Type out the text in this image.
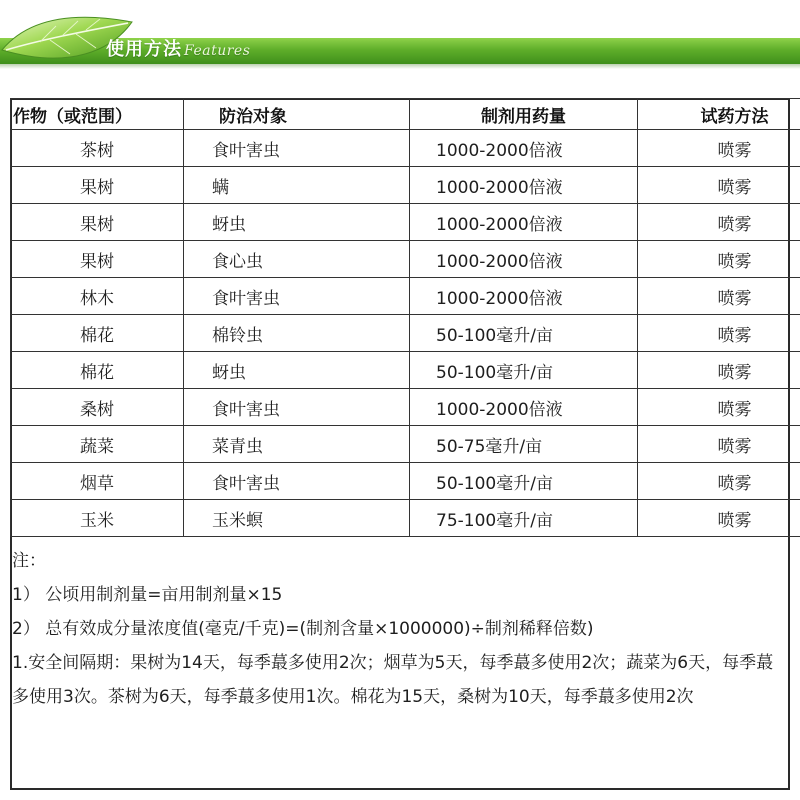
使用方法 Features
作物（或范围）	防治对象	制剂用药量	试药方法
茶树	食叶害虫	1000-2000倍液	喷雾
果树	螨	1000-2000倍液	喷雾
果树	蚜虫	1000-2000倍液	喷雾
果树	食心虫	1000-2000倍液	喷雾
林木	食叶害虫	1000-2000倍液	喷雾
棉花	棉铃虫	50-100毫升/亩	喷雾
棉花	蚜虫	50-100毫升/亩	喷雾
桑树	食叶害虫	1000-2000倍液	喷雾
蔬菜	菜青虫	50-75毫升/亩	喷雾
烟草	食叶害虫	50-100毫升/亩	喷雾
玉米	玉米螟	75-100毫升/亩	喷雾
注：
1） 公顷用制剂量=亩用制剂量×15
2） 总有效成分量浓度值(毫克/千克)=(制剂含量×1000000)÷制剂稀释倍数)
1.安全间隔期：果树为14天，每季蕞多使用2次；烟草为5天，每季蕞多使用2次；蔬菜为6天，每季蕞多使用3次。茶树为6天，每季蕞多使用1次。棉花为15天，桑树为10天，每季蕞多使用2次
